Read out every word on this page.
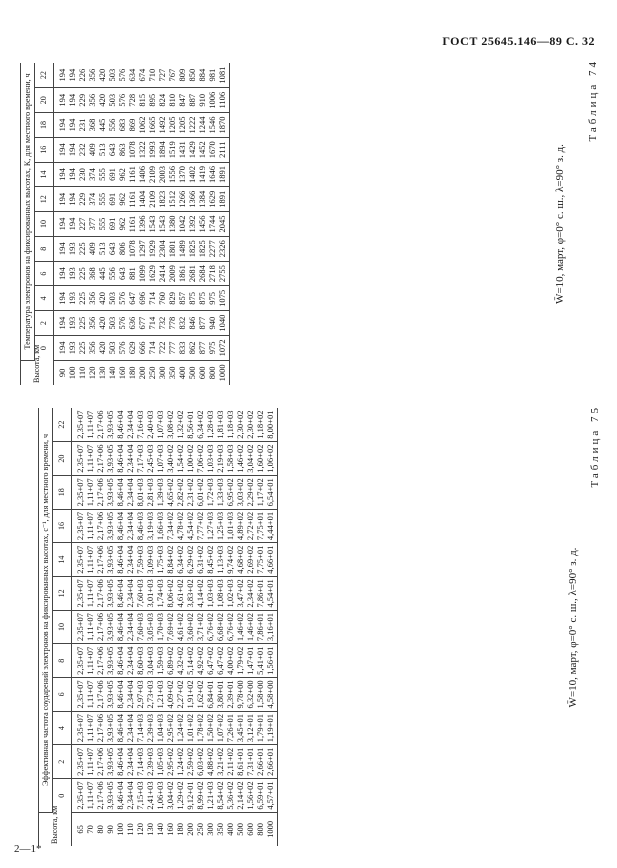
ГОСТ 25645.146—89 С. 32
Таблица 74
W̄=10, март, φ=0° с. ш., λ=90° з. д.
Высота, км	Температура электронов на фиксированных высотах, К, для местного времени, ч											
	0	2	4	6	8	10	12	14	16	18	20	22
90	194	194	194	194	194	194	194	194	194	194	194	194
100	193	193	193	193	193	194	194	194	194	194	194	194
110	225	225	225	225	225	227	229	230	232	231	229	226
120	356	356	356	368	409	377	374	374	409	368	356	356
130	420	420	420	445	513	555	555	555	513	445	420	420
140	503	503	503	556	643	691	691	691	643	556	503	503
160	576	576	576	643	806	962	962	962	863	683	576	576
180	629	636	647	881	1078	1161	1161	1161	1078	869	728	634
200	666	677	696	1099	1297	1396	1404	1406	1322	1062	815	674
250	714	714	714	1629	1929	1543	2109	2109	1993	1665	895	710
300	722	732	760	2414	2304	1543	1823	2003	1894	1492	824	727
350	777	778	829	2009	1801	1380	1512	1556	1519	1205	810	767
400	833	832	857	1861	1489	1042	1266	1370	1431	1205	847	809
500	862	846	875	2681	1825	1392	1366	1402	1429	1222	887	850
600	877	877	875	2684	1825	1456	1384	1419	1452	1244	910	884
800	975	940	975	2718	2277	1744	1629	1646	1670	1546	1006	981
1000	1072	1040	1075	2755	2326	2045	1891	1891	2111	1870	1106	1081
Таблица 75
W̄=10, март, φ=0° с. ш., λ=90° з. д.
Высота, км	Эффективная частота соударений электронов на фиксированных высотах, с⁻¹, для местного времени, ч											
	0	2	4	6	8	10	12	14	16	18	20	22
65	2,35+07	2,35+07	2,35+07	2,35+07	2,35+07	2,35+07	2,35+07	2,35+07	2,35+07	2,35+07	2,35+07	2,35+07
70	1,11+07	1,11+07	1,11+07	1,11+07	1,11+07	1,11+07	1,11+07	1,11+07	1,11+07	1,11+07	1,11+07	1,11+07
80	2,17+06	2,17+06	2,17+06	2,17+06	2,17+06	2,17+06	2,17+06	2,17+06	2,17+06	2,17+06	2,17+06	2,17+06
90	3,93+05	3,93+05	3,93+05	3,93+05	3,93+05	3,93+05	3,93+05	3,93+05	3,93+05	3,93+05	3,93+05	3,93+05
100	8,46+04	8,46+04	8,46+04	8,46+04	8,46+04	8,46+04	8,46+04	8,46+04	8,46+04	8,46+04	8,46+04	8,46+04
110	2,34+04	2,34+04	2,34+04	2,34+04	2,34+04	2,34+04	2,34+04	2,34+04	2,34+04	2,34+04	2,34+04	2,34+04
120	7,15+03	7,14+03	7,14+03	2,97+03	8,60+03	7,60+03	7,60+03	7,59+03	8,46+03	8,01+03	7,17+03	7,16+03
130	2,41+03	2,39+03	2,39+03	2,73+03	3,04+03	3,05+03	3,01+03	3,09+03	3,19+03	2,81+03	2,45+03	2,40+03
140	1,06+03	1,05+03	1,04+03	1,21+03	1,59+03	1,70+03	1,74+03	1,75+03	1,66+03	1,39+03	1,07+03	1,07+03
160	3,04+02	2,95+02	2,95+02	4,09+02	6,89+02	7,69+02	8,06+02	8,84+02	7,34+02	4,65+02	3,40+02	3,08+02
180	1,29+02	1,24+02	1,24+02	2,27+02	4,32+02	4,61+02	4,61+02	6,34+02	4,78+02	2,82+02	1,54+02	1,32+02
200	9,12+01	2,59+02	1,01+02	1,91+02	5,14+02	3,60+02	3,83+02	6,29+02	4,54+02	2,31+02	1,00+02	8,56+01
250	8,99+02	6,03+02	1,78+02	1,62+02	4,92+02	3,71+02	4,14+02	6,31+02	7,77+02	6,01+02	7,06+02	6,34+02
300	1,21+03	4,88+02	1,50+02	6,84+01	6,47+02	6,76+02	1,03+03	8,45+02	1,27+03	1,72+03	1,03+03	1,28+03
350	8,54+02	3,21+02	1,07+02	3,80+01	6,47+02	6,68+02	1,08+03	1,13+03	1,25+03	1,33+03	2,19+03	1,81+03
400	5,36+02	2,11+02	7,26+01	2,39+01	4,00+02	6,76+02	1,02+03	9,74+02	1,01+03	6,95+02	1,58+03	1,18+03
500	2,14+02	8,61+01	3,45+01	9,78+00	1,79+02	1,46+02	3,47+02	4,68+02	4,89+02	3,03+02	1,46+02	2,30+02
600	1,56+02	7,31+01	3,12+01	6,32+00	1,47+01	1,46+02	2,34+02	2,69+02	2,72+02	2,29+02	3,04+02	2,30+02
800	6,59+01	2,66+01	1,79+01	1,58+00	5,41+01	7,86+01	7,86+01	7,75+01	7,75+01	1,17+02	1,60+02	1,18+02
1000	4,57+01	2,66+01	1,19+01	4,58+00	1,56+01	3,16+01	4,54+01	4,66+01	4,44+01	6,54+01	1,06+02	8,00+01
2—1*
